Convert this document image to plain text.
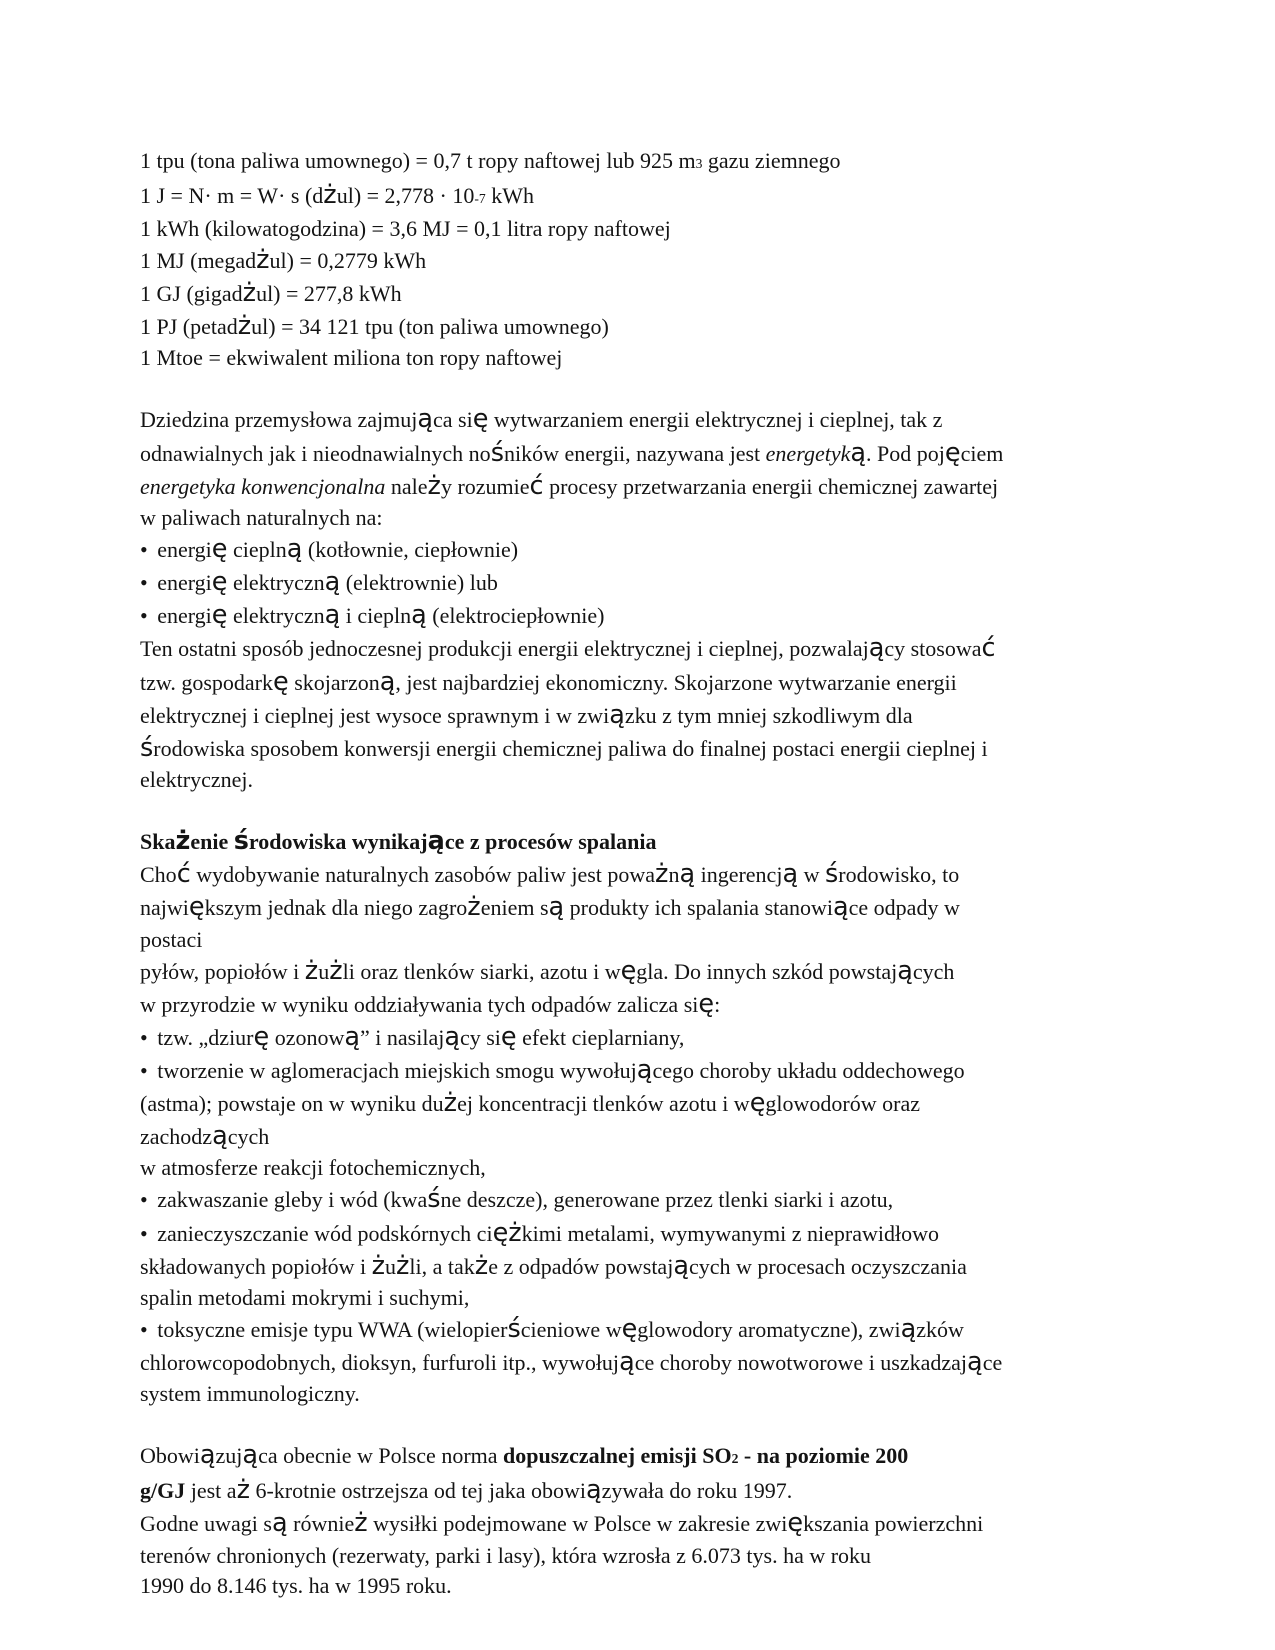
1 tpu (tona paliwa umownego) = 0,7 t ropy naftowej lub 925 m3 gazu ziemnego
1 J = N· m = W· s (dżul) = 2,778 · 10-7 kWh
1 kWh (kilowatogodzina) = 3,6 MJ = 0,1 litra ropy naftowej
1 MJ (megadżul) = 0,2779 kWh
1 GJ (gigadżul) = 277,8 kWh
1 PJ (petadżul) = 34 121 tpu (ton paliwa umownego)
1 Mtoe = ekwiwalent miliona ton ropy naftowej
Dziedzina przemysłowa zajmująca się wytwarzaniem energii elektrycznej i cieplnej, tak z
odnawialnych jak i nieodnawialnych nośników energii, nazywana jest energetyką. Pod pojęciem
energetyka konwencjonalna należy rozumieć procesy przetwarzania energii chemicznej zawartej
w paliwach naturalnych na:
• energię cieplną (kotłownie, ciepłownie)
• energię elektryczną (elektrownie) lub
• energię elektryczną i cieplną (elektrociepłownie)
Ten ostatni sposób jednoczesnej produkcji energii elektrycznej i cieplnej, pozwalający stosować
tzw. gospodarkę skojarzoną, jest najbardziej ekonomiczny. Skojarzone wytwarzanie energii
elektrycznej i cieplnej jest wysoce sprawnym i w związku z tym mniej szkodliwym dla
środowiska sposobem konwersji energii chemicznej paliwa do finalnej postaci energii cieplnej i
elektrycznej.
Skażenie środowiska wynikające z procesów spalania
Choć wydobywanie naturalnych zasobów paliw jest poważną ingerencją w środowisko, to
największym jednak dla niego zagrożeniem są produkty ich spalania stanowiące odpady w
postaci
pyłów, popiołów i żużli oraz tlenków siarki, azotu i węgla. Do innych szkód powstających
w przyrodzie w wyniku oddziaływania tych odpadów zalicza się:
• tzw. „dziurę ozonową” i nasilający się efekt cieplarniany,
• tworzenie w aglomeracjach miejskich smogu wywołującego choroby układu oddechowego
(astma); powstaje on w wyniku dużej koncentracji tlenków azotu i węglowodorów oraz
zachodzących
w atmosferze reakcji fotochemicznych,
• zakwaszanie gleby i wód (kwaśne deszcze), generowane przez tlenki siarki i azotu,
• zanieczyszczanie wód podskórnych ciężkimi metalami, wymywanymi z nieprawidłowo
składowanych popiołów i żużli, a także z odpadów powstających w procesach oczyszczania
spalin metodami mokrymi i suchymi,
• toksyczne emisje typu WWA (wielopierścieniowe węglowodory aromatyczne), związków
chlorowcopodobnych, dioksyn, furfuroli itp., wywołujące choroby nowotworowe i uszkadzające
system immunologiczny.
Obowiązująca obecnie w Polsce norma dopuszczalnej emisji SO2 - na poziomie 200
g/GJ jest aż 6-krotnie ostrzejsza od tej jaka obowiązywała do roku 1997.
Godne uwagi są również wysiłki podejmowane w Polsce w zakresie zwiększania powierzchni
terenów chronionych (rezerwaty, parki i lasy), która wzrosła z 6.073 tys. ha w roku
1990 do 8.146 tys. ha w 1995 roku.
